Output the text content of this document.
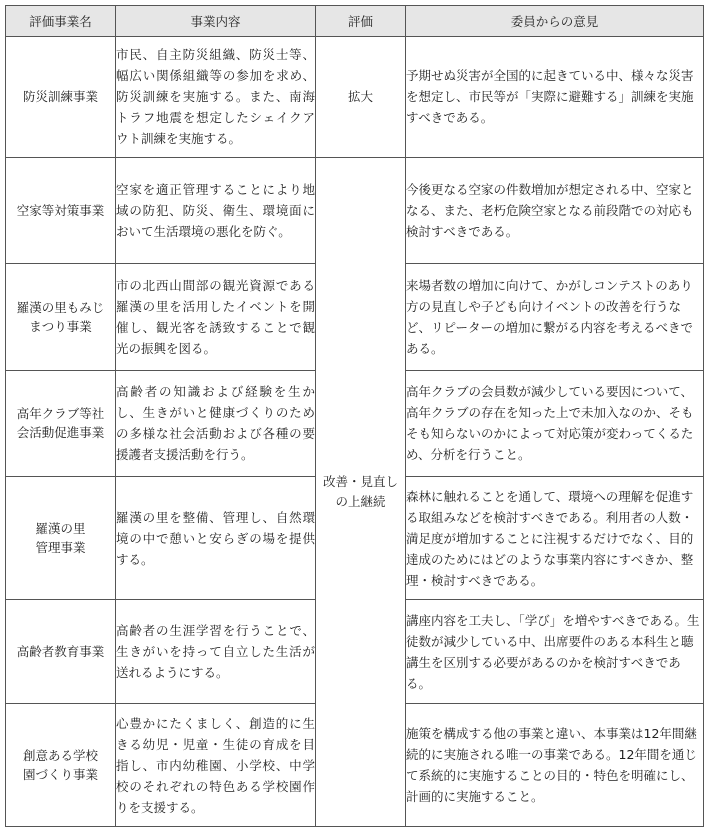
評価事業名	事業内容	評価	委員からの意見
防災訓練事業	市民、自主防災組織、防災士等、幅広い関係組織等の参加を求め、防災訓練を実施する。また、南海トラフ地震を想定したシェイクアウト訓練を実施する。	拡大	予期せぬ災害が全国的に起きている中、様々な災害を想定し、市民等が「実際に避難する」訓練を実施すべきである。
空家等対策事業	空家を適正管理することにより地域の防犯、防災、衛生、環境面において生活環境の悪化を防ぐ。	改善・見直しの上継続	今後更なる空家の件数増加が想定される中、空家となる、また、老朽危険空家となる前段階での対応も検討すべきである。
羅漢の里もみじまつり事業	市の北西山間部の観光資源である羅漢の里を活用したイベントを開催し、観光客を誘致することで観光の振興を図る。		来場者数の増加に向けて、かがしコンテストのあり方の見直しや子ども向けイベントの改善を行うなど、リピーターの増加に繋がる内容を考えるべきである。
高年クラブ等社会活動促進事業	高齢者の知識および経験を生かし、生きがいと健康づくりのための多様な社会活動および各種の要援護者支援活動を行う。		高年クラブの会員数が減少している要因について、高年クラブの存在を知った上で未加入なのか、そもそも知らないのかによって対応策が変わってくるため、分析を行うこと。
羅漢の里管理事業	羅漢の里を整備、管理し、自然環境の中で憩いと安らぎの場を提供する。		森林に触れることを通して、環境への理解を促進する取組みなどを検討すべきである。利用者の人数・満足度が増加することに注視するだけでなく、目的達成のためにはどのような事業内容にすべきか、整理・検討すべきである。
高齢者教育事業	高齢者の生涯学習を行うことで、生きがいを持って自立した生活が送れるようにする。		講座内容を工夫し、「学び」を増やすべきである。生徒数が減少している中、出席要件のある本科生と聴講生を区別する必要があるのかを検討すべきである。
創意ある学校園づくり事業	心豊かにたくましく、創造的に生きる幼児・児童・生徒の育成を目指し、市内幼稚園、小学校、中学校のそれぞれの特色ある学校園作りを支援する。		施策を構成する他の事業と違い、本事業は12年間継続的に実施される唯一の事業である。12年間を通じて系統的に実施することの目的・特色を明確にし、計画的に実施すること。
